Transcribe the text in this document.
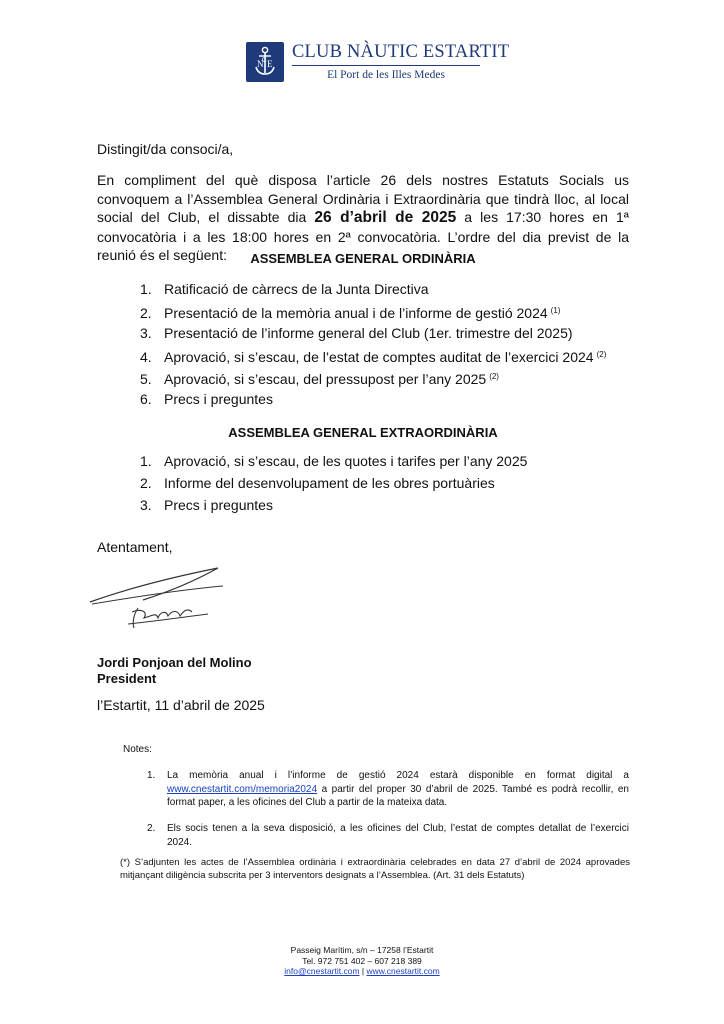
N E
C CLUB NÀUTIC ESTARTIT
El Port de les Illes Medes
Distingit/da consoci/a,
En compliment del què disposa l’article 26 dels nostres Estatuts Socials us convoquem a l’Assemblea General Ordinària i Extraordinària que tindrà lloc, al local social del Club, el dissabte dia 26 d’abril de 2025 a les 17:30 hores en 1ª convocatòria i a les 18:00 hores en 2ª convocatòria. L’ordre del dia previst de la reunió és el següent:	ASSEMBLEA GENERAL ORDINÀRIA
1. Ratificació de càrrecs de la Junta Directiva
2. Presentació de la memòria anual i de l’informe de gestió 2024 $^{(1)}$
3. Presentació de l’informe general del Club (1er. trimestre del 2025)
4. Aprovació, si s’escau, de l’estat de comptes auditat de l’exercici 2024 $^{(2)}$
5. Aprovació, si s’escau, del pressupost per l’any 2025 $^{(2)}$
6. Precs i preguntes
ASSEMBLEA GENERAL EXTRAORDINÀRIA
1. Aprovació, si s’escau, de les quotes i tarifes per l’any 2025
2. Informe del desenvolupament de les obres portuàries
3. Precs i preguntes
Atentament,
Jordi Ponjoan del Molino
President
l’Estartit, 11 d’abril de 2025
Notes:
1. La memòria anual i l’informe de gestió 2024 estarà disponible en format digital a www.cnestartit.com/memoria2024 a partir del proper 30 d’abril de 2025. També es podrà recollir, en format paper, a les oficines del Club a partir de la mateixa data.
2. Els socis tenen a la seva disposició, a les oficines del Club, l’estat de comptes detallat de l’exercici 2024.
(*) S’adjunten les actes de l’Assemblea ordinària i extraordinària celebrades en data 27 d’abril de 2024 aprovades mitjançant diligència subscrita per 3 interventors designats a l’Assemblea. (Art. 31 dels Estatuts)
Passeig Marítim, s/n – 17258 l’Estartit
Tel. 972 751 402 – 607 218 389
info@cnestartit.com | www.cnestartit.com
